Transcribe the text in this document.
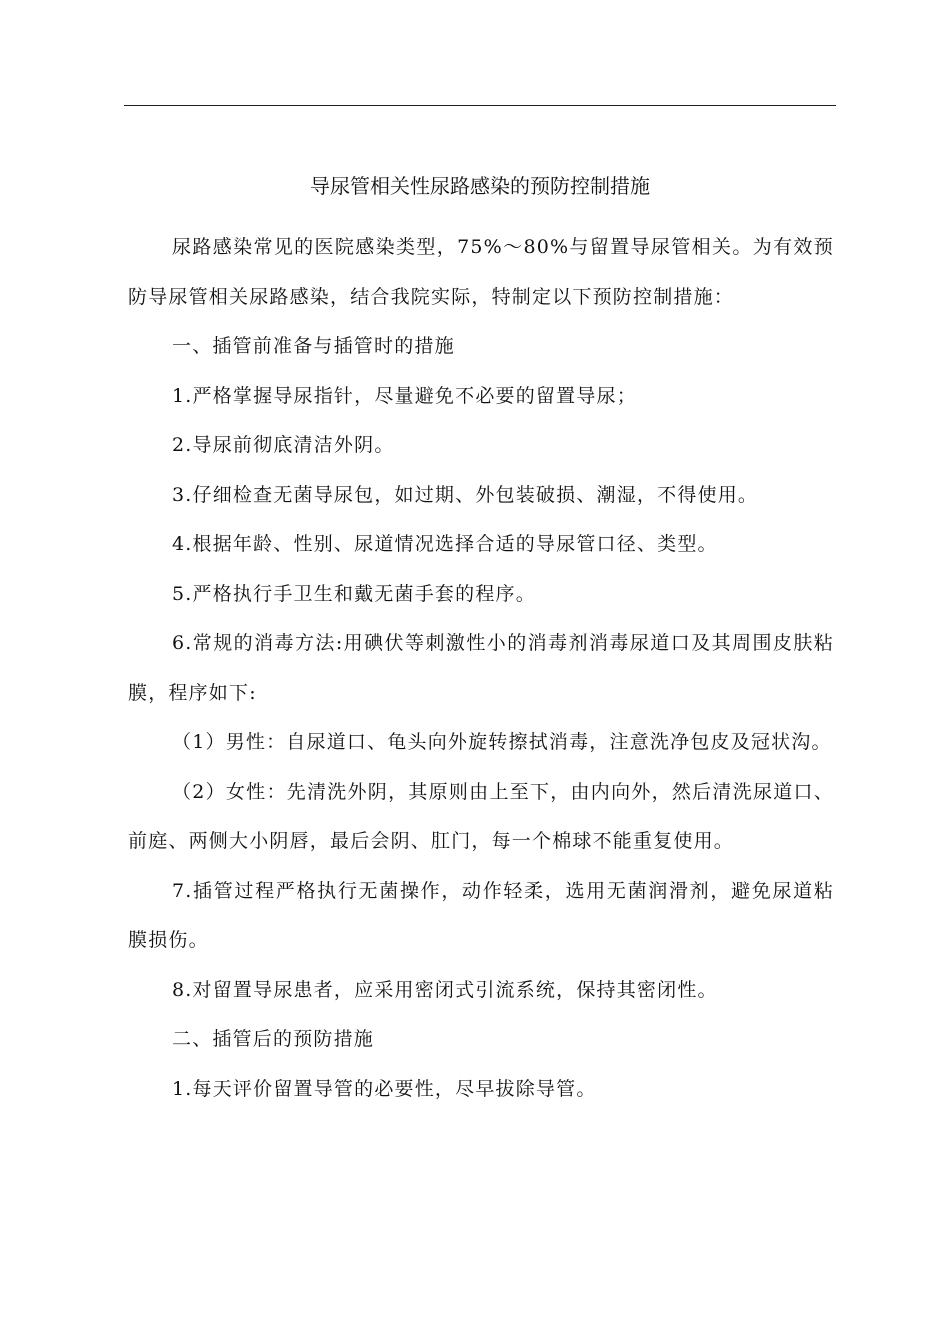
导尿管相关性尿路感染的预防控制措施

尿路感染常见的医院感染类型，75%～80%与留置导尿管相关。为有效预防导尿管相关尿路感染，结合我院实际，特制定以下预防控制措施：

一、插管前准备与插管时的措施

1.严格掌握导尿指针，尽量避免不必要的留置导尿；

2.导尿前彻底清洁外阴。

3.仔细检查无菌导尿包，如过期、外包装破损、潮湿，不得使用。

4.根据年龄、性别、尿道情况选择合适的导尿管口径、类型。

5.严格执行手卫生和戴无菌手套的程序。

6.常规的消毒方法:用碘伏等刺激性小的消毒剂消毒尿道口及其周围皮肤粘膜，程序如下:

（1）男性：自尿道口、龟头向外旋转擦拭消毒，注意洗净包皮及冠状沟。

（2）女性：先清洗外阴，其原则由上至下，由内向外，然后清洗尿道口、前庭、两侧大小阴唇，最后会阴、肛门，每一个棉球不能重复使用。

7.插管过程严格执行无菌操作，动作轻柔，选用无菌润滑剂，避免尿道粘膜损伤。

8.对留置导尿患者，应采用密闭式引流系统，保持其密闭性。

二、插管后的预防措施

1.每天评价留置导管的必要性，尽早拔除导管。
